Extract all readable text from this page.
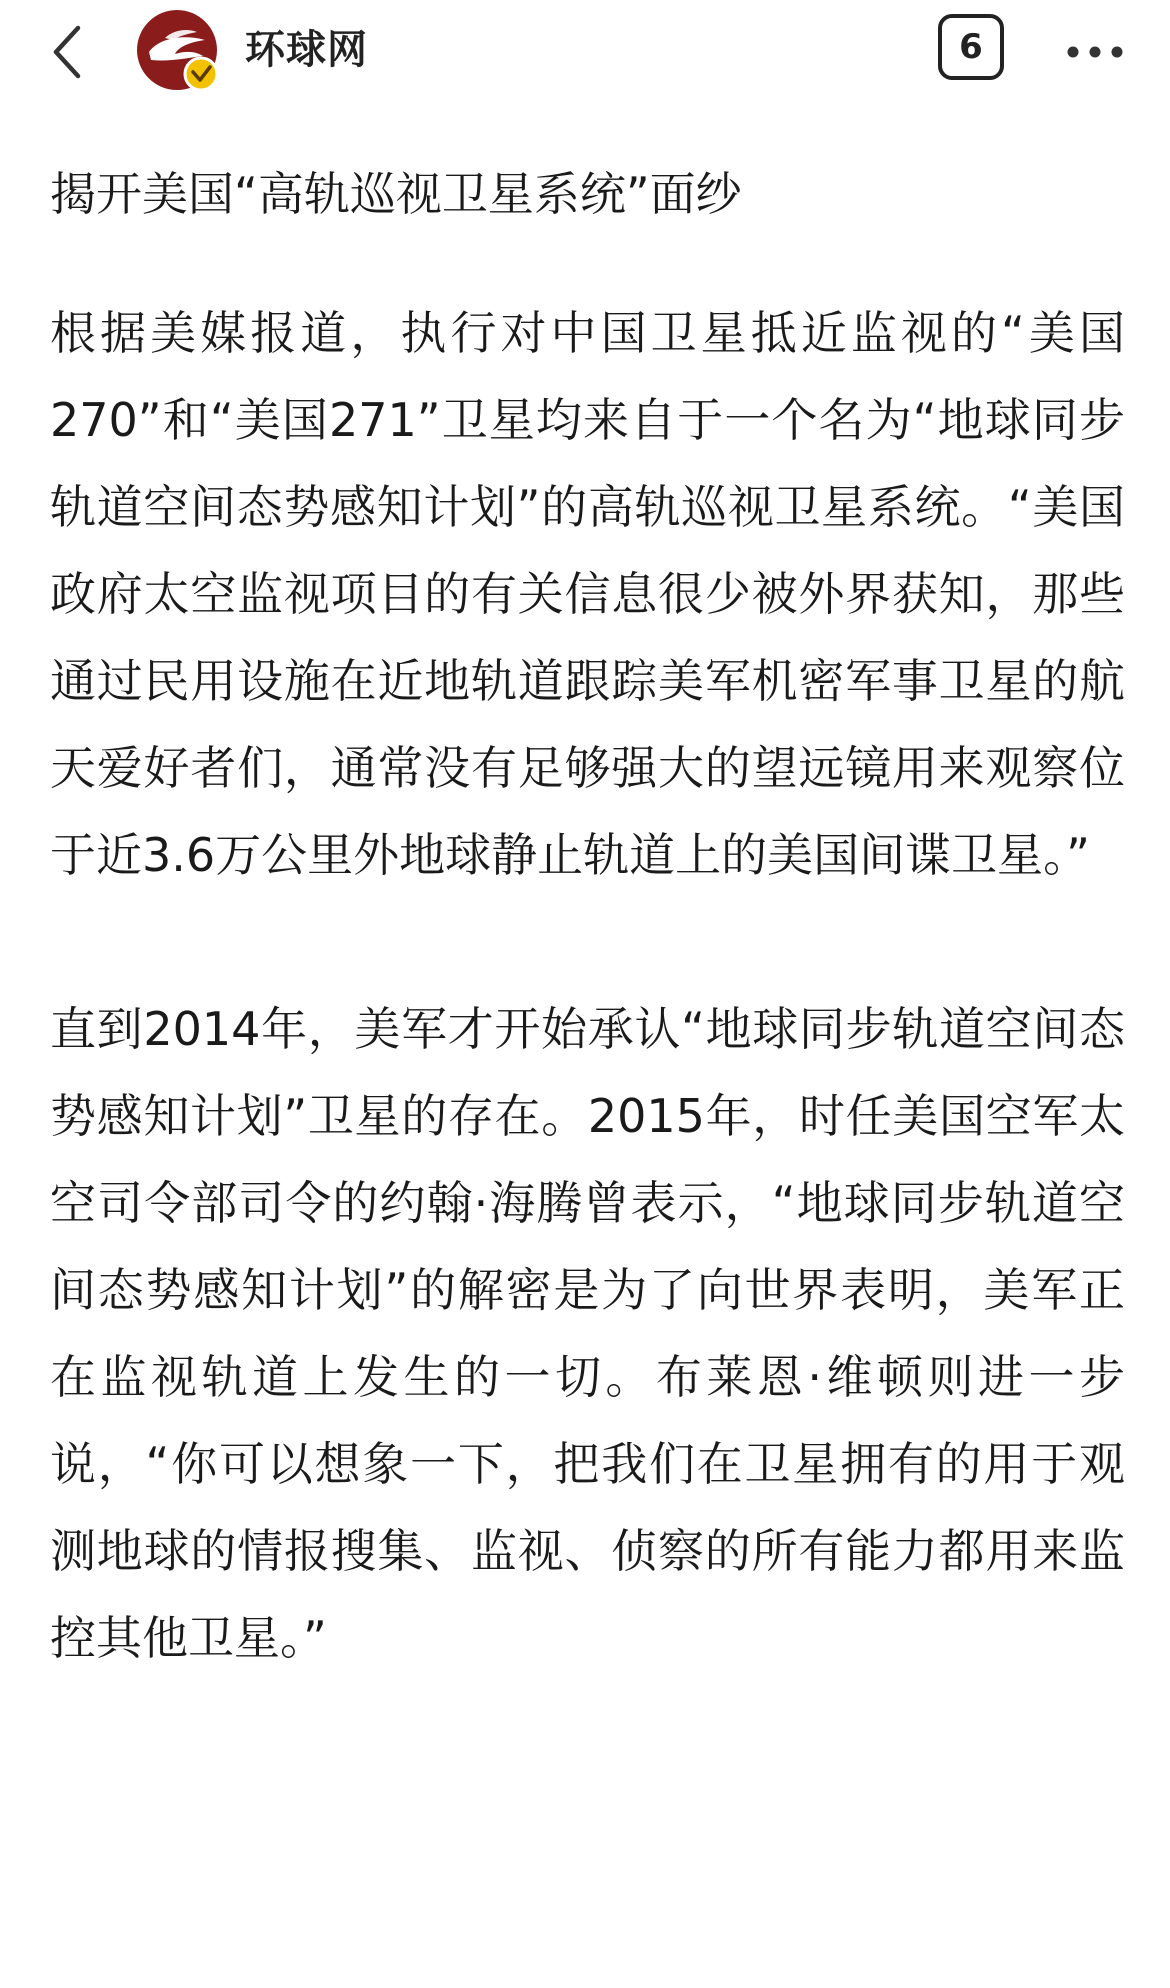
环球网	6

揭开美国“高轨巡视卫星系统”面纱

根据美媒报道，执行对中国卫星抵近监视的“美国270”和“美国271”卫星均来自于一个名为“地球同步轨道空间态势感知计划”的高轨巡视卫星系统。“美国政府太空监视项目的有关信息很少被外界获知，那些通过民用设施在近地轨道跟踪美军机密军事卫星的航天爱好者们，通常没有足够强大的望远镜用来观察位于近3.6万公里外地球静止轨道上的美国间谍卫星。”

直到2014年，美军才开始承认“地球同步轨道空间态势感知计划”卫星的存在。2015年，时任美国空军太空司令部司令的约翰·海腾曾表示，“地球同步轨道空间态势感知计划”的解密是为了向世界表明，美军正在监视轨道上发生的一切。布莱恩·维顿则进一步说，“你可以想象一下，把我们在卫星拥有的用于观测地球的情报搜集、监视、侦察的所有能力都用来监控其他卫星。”
